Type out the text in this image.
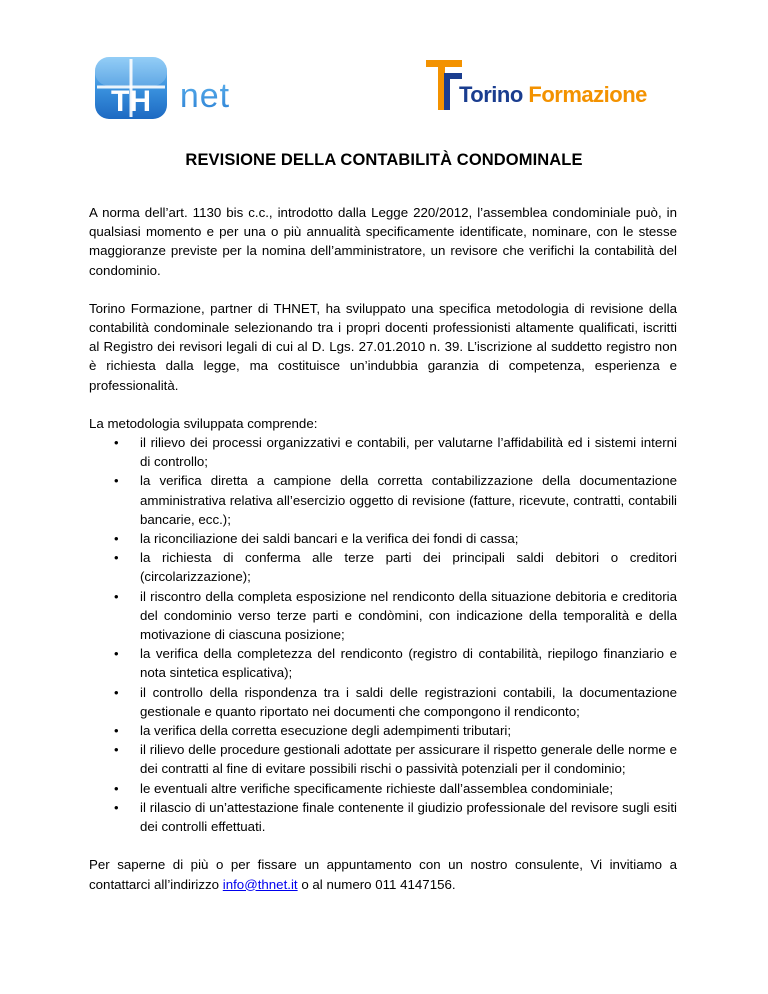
TH net	Torino Formazione
REVISIONE DELLA CONTABILITÀ CONDOMINALE

A norma dell’art. 1130 bis c.c., introdotto dalla Legge 220/2012, l’assemblea condominiale può, in qualsiasi momento e per una o più annualità specificamente identificate, nominare, con le stesse maggioranze previste per la nomina dell’amministratore, un revisore che verifichi la contabilità del condominio.

Torino Formazione, partner di THNET, ha sviluppato una specifica metodologia di revisione della contabilità condominale selezionando tra i propri docenti professionisti altamente qualificati, iscritti al Registro dei revisori legali di cui al D. Lgs. 27.01.2010 n. 39. L’iscrizione al suddetto registro non è richiesta dalla legge, ma costituisce un’indubbia garanzia di competenza, esperienza e professionalità.

La metodologia sviluppata comprende:

• il rilievo dei processi organizzativi e contabili, per valutarne l’affidabilità ed i sistemi interni di controllo;
• la verifica diretta a campione della corretta contabilizzazione della documentazione amministrativa relativa all’esercizio oggetto di revisione (fatture, ricevute, contratti, contabili bancarie, ecc.);
• la riconciliazione dei saldi bancari e la verifica dei fondi di cassa;
• la richiesta di conferma alle terze parti dei principali saldi debitori o creditori (circolarizzazione);
• il riscontro della completa esposizione nel rendiconto della situazione debitoria e creditoria del condominio verso terze parti e condòmini, con indicazione della temporalità e della motivazione di ciascuna posizione;
• la verifica della completezza del rendiconto (registro di contabilità, riepilogo finanziario e nota sintetica esplicativa);
• il controllo della rispondenza tra i saldi delle registrazioni contabili, la documentazione gestionale e quanto riportato nei documenti che compongono il rendiconto;
• la verifica della corretta esecuzione degli adempimenti tributari;
• il rilievo delle procedure gestionali adottate per assicurare il rispetto generale delle norme e dei contratti al fine di evitare possibili rischi o passività potenziali per il condominio;
• le eventuali altre verifiche specificamente richieste dall’assemblea condominiale;
• il rilascio di un’attestazione finale contenente il giudizio professionale del revisore sugli esiti dei controlli effettuati.

Per saperne di più o per fissare un appuntamento con un nostro consulente, Vi invitiamo a contattarci all’indirizzo info@thnet.it o al numero 011 4147156.
